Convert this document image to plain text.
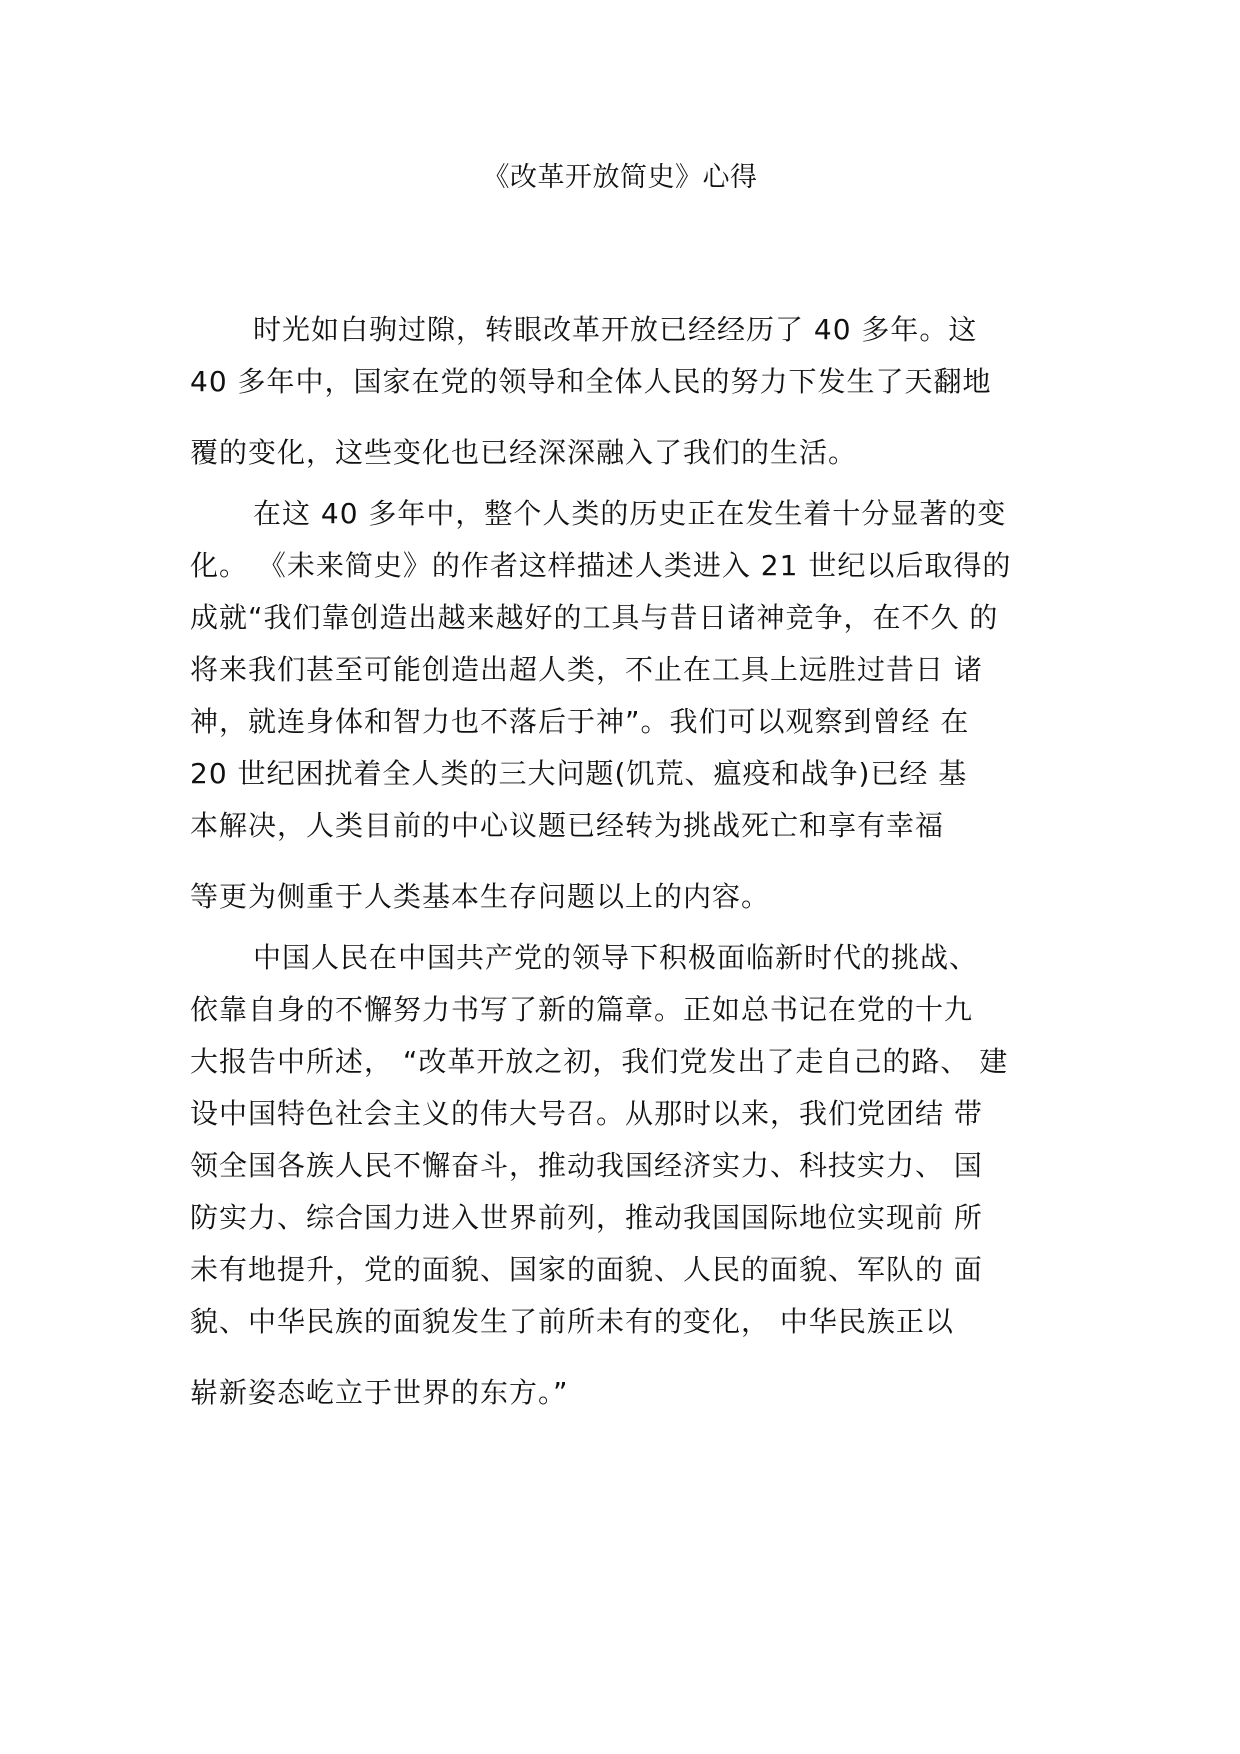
《改革开放简史》心得
时光如白驹过隙，转眼改革开放已经经历了 40 多年。这
40 多年中，国家在党的领导和全体人民的努力下发生了天翻地
覆的变化，这些变化也已经深深融入了我们的生活。
在这 40 多年中，整个人类的历史正在发生着十分显著的变
化。 《未来简史》的作者这样描述人类进入 21 世纪以后取得的
成就“我们靠创造出越来越好的工具与昔日诸神竞争，在不久 的
将来我们甚至可能创造出超人类，不止在工具上远胜过昔日 诸
神，就连身体和智力也不落后于神”。我们可以观察到曾经 在
20 世纪困扰着全人类的三大问题(饥荒、瘟疫和战争)已经 基
本解决，人类目前的中心议题已经转为挑战死亡和享有幸福
等更为侧重于人类基本生存问题以上的内容。
中国人民在中国共产党的领导下积极面临新时代的挑战、
依靠自身的不懈努力书写了新的篇章。正如总书记在党的十九
大报告中所述， “改革开放之初，我们党发出了走自己的路、 建
设中国特色社会主义的伟大号召。从那时以来，我们党团结 带
领全国各族人民不懈奋斗，推动我国经济实力、科技实力、 国
防实力、综合国力进入世界前列，推动我国国际地位实现前 所
未有地提升，党的面貌、国家的面貌、人民的面貌、军队的 面
貌、中华民族的面貌发生了前所未有的变化， 中华民族正以
崭新姿态屹立于世界的东方。”
